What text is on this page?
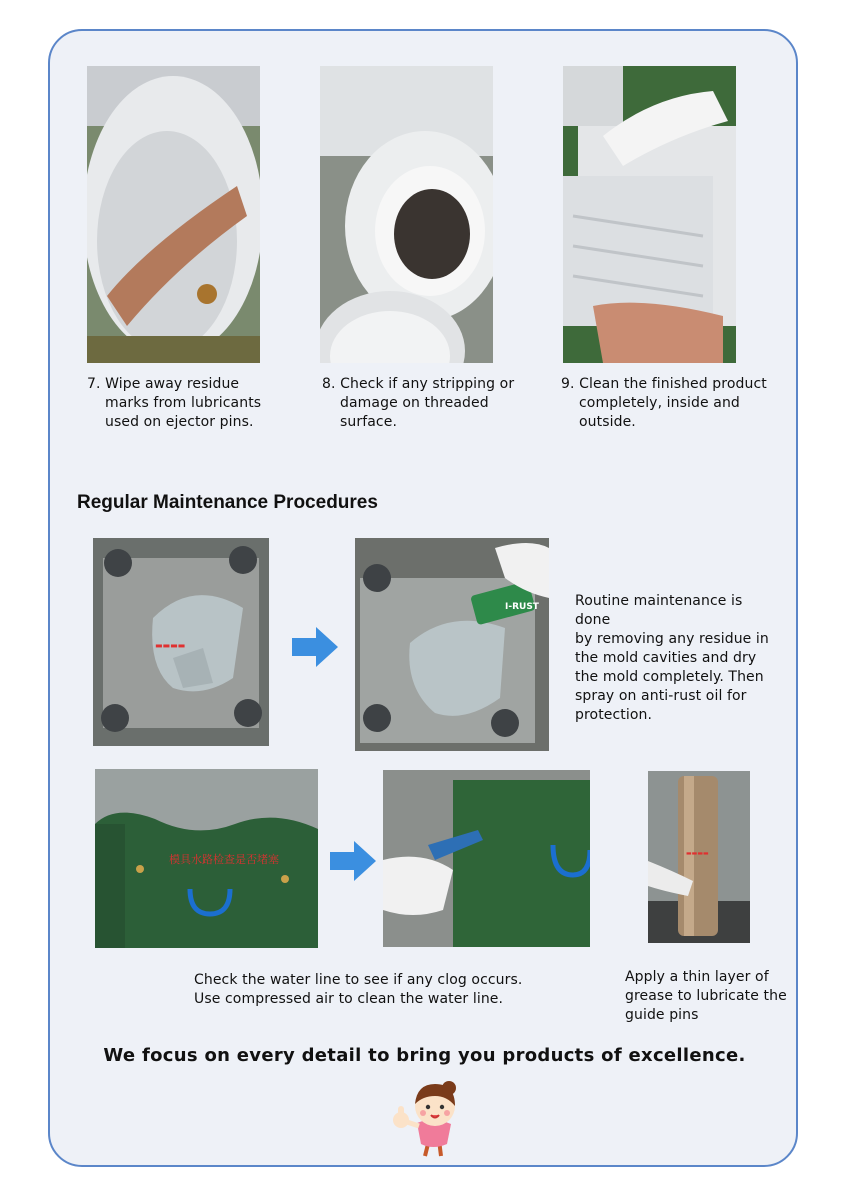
7. Wipe away residue
marks from lubricants
used on ejector pins.
8. Check if any stripping or
damage on threaded
surface.
9. Clean the finished product
completely, inside and
outside.
Regular Maintenance Procedures
▬▬▬▬
I-RUST	Routine maintenance is done
by removing any residue in
the mold cavities and dry
the mold completely. Then
spray on anti-rust oil for
protection.
模具水路检查是否堵塞	▬▬▬▬
Check the water line to see if any clog occurs.
Use compressed air to clean the water line.
Apply a thin layer of
grease to lubricate the
guide pins
We focus on every detail to bring you products of excellence.
